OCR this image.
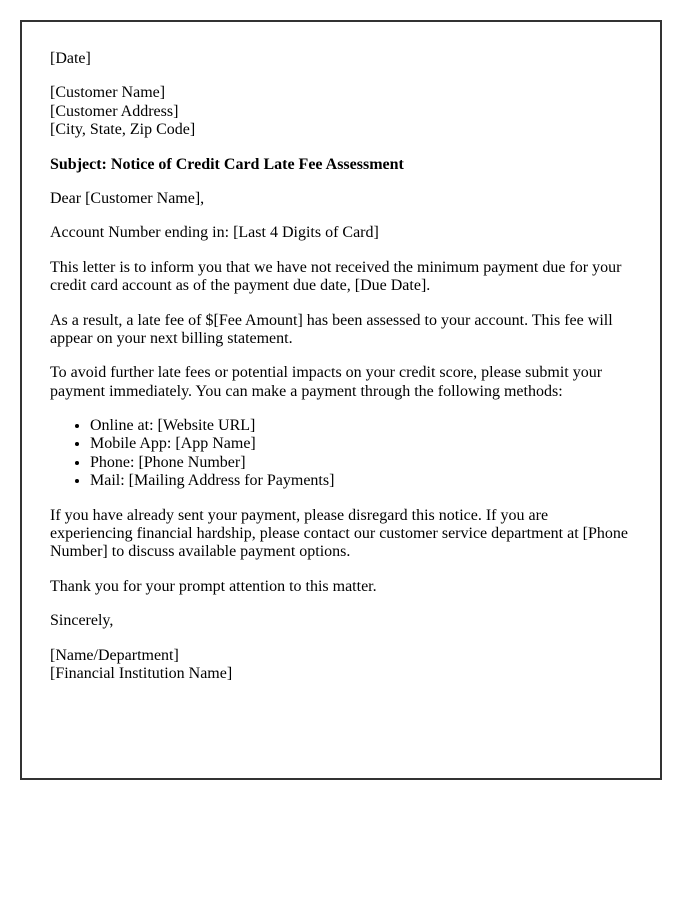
[Date]

[Customer Name]
[Customer Address]
[City, State, Zip Code]

Subject: Notice of Credit Card Late Fee Assessment

Dear [Customer Name],

Account Number ending in: [Last 4 Digits of Card]

This letter is to inform you that we have not received the minimum payment due for your credit card account as of the payment due date, [Due Date].

As a result, a late fee of $[Fee Amount] has been assessed to your account. This fee will appear on your next billing statement.

To avoid further late fees or potential impacts on your credit score, please submit your payment immediately. You can make a payment through the following methods:

• Online at: [Website URL]
• Mobile App: [App Name]
• Phone: [Phone Number]
• Mail: [Mailing Address for Payments]

If you have already sent your payment, please disregard this notice. If you are experiencing financial hardship, please contact our customer service department at [Phone Number] to discuss available payment options.

Thank you for your prompt attention to this matter.

Sincerely,

[Name/Department]
[Financial Institution Name]
